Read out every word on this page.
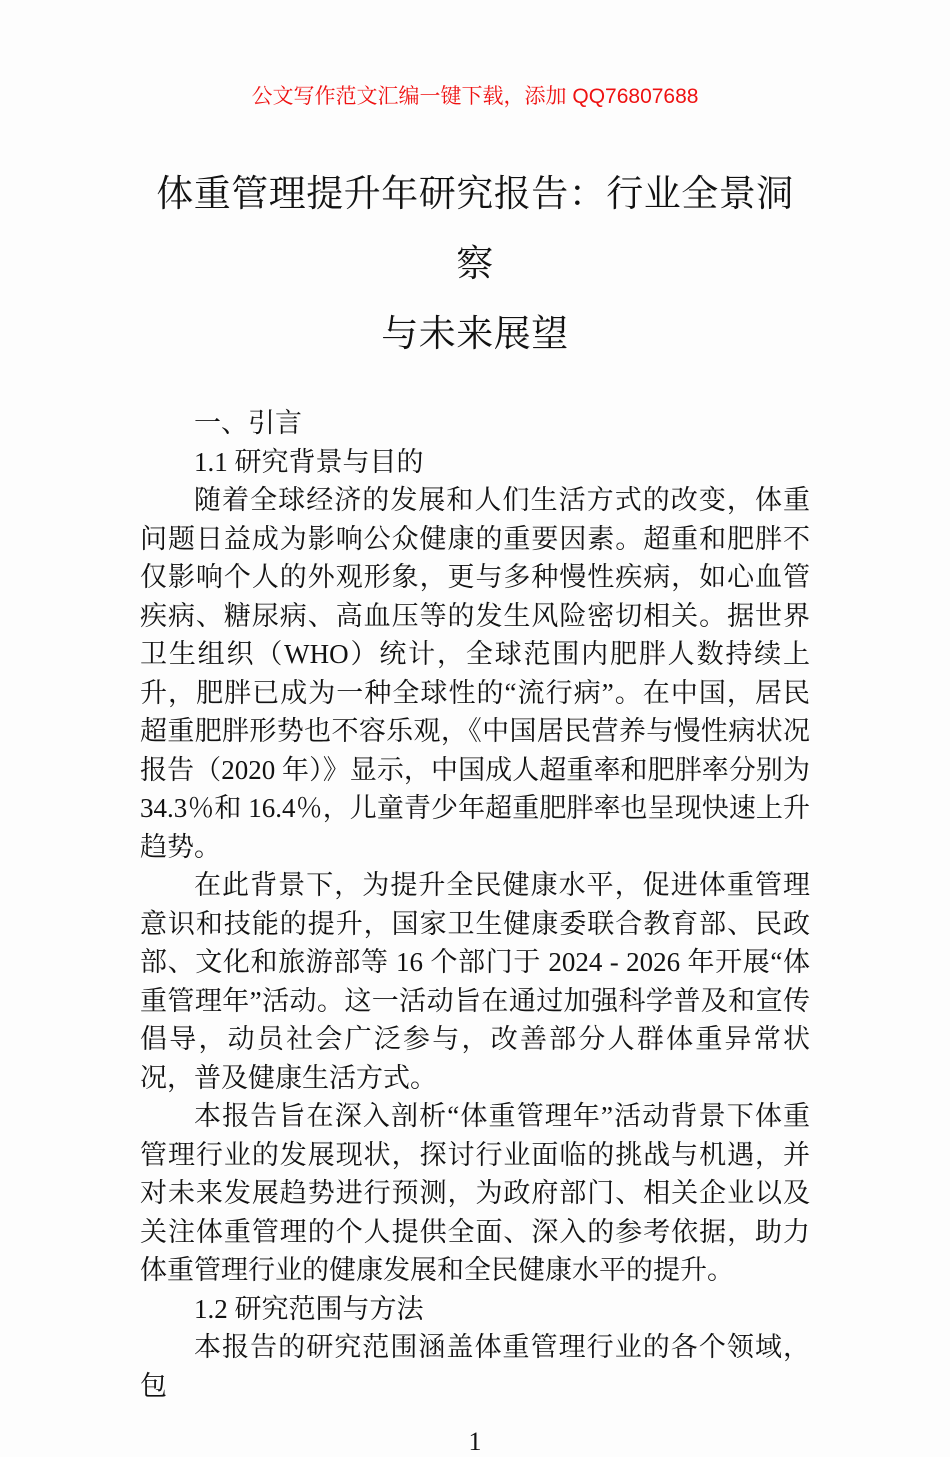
公文写作范文汇编一键下载，添加 QQ76807688
体重管理提升年研究报告：行业全景洞察
与未来展望

一、引言

1.1 研究背景与目的

随着全球经济的发展和人们生活方式的改变，体重问题日益成为影响公众健康的重要因素。超重和肥胖不仅影响个人的外观形象，更与多种慢性疾病，如心血管疾病、糖尿病、高血压等的发生风险密切相关。据世界卫生组织（WHO）统计，全球范围内肥胖人数持续上升，肥胖已成为一种全球性的“流行病”。在中国，居民超重肥胖形势也不容乐观，《中国居民营养与慢性病状况报告（2020 年）》显示，中国成人超重率和肥胖率分别为 34.3％和 16.4％，儿童青少年超重肥胖率也呈现快速上升趋势。

在此背景下，为提升全民健康水平，促进体重管理意识和技能的提升，国家卫生健康委联合教育部、民政部、文化和旅游部等 16 个部门于 2024 - 2026 年开展“体重管理年”活动。这一活动旨在通过加强科学普及和宣传倡导，动员社会广泛参与，改善部分人群体重异常状况，普及健康生活方式。

本报告旨在深入剖析“体重管理年”活动背景下体重管理行业的发展现状，探讨行业面临的挑战与机遇，并对未来发展趋势进行预测，为政府部门、相关企业以及关注体重管理的个人提供全面、深入的参考依据，助力体重管理行业的健康发展和全民健康水平的提升。

1.2 研究范围与方法

本报告的研究范围涵盖体重管理行业的各个领域，包

1
